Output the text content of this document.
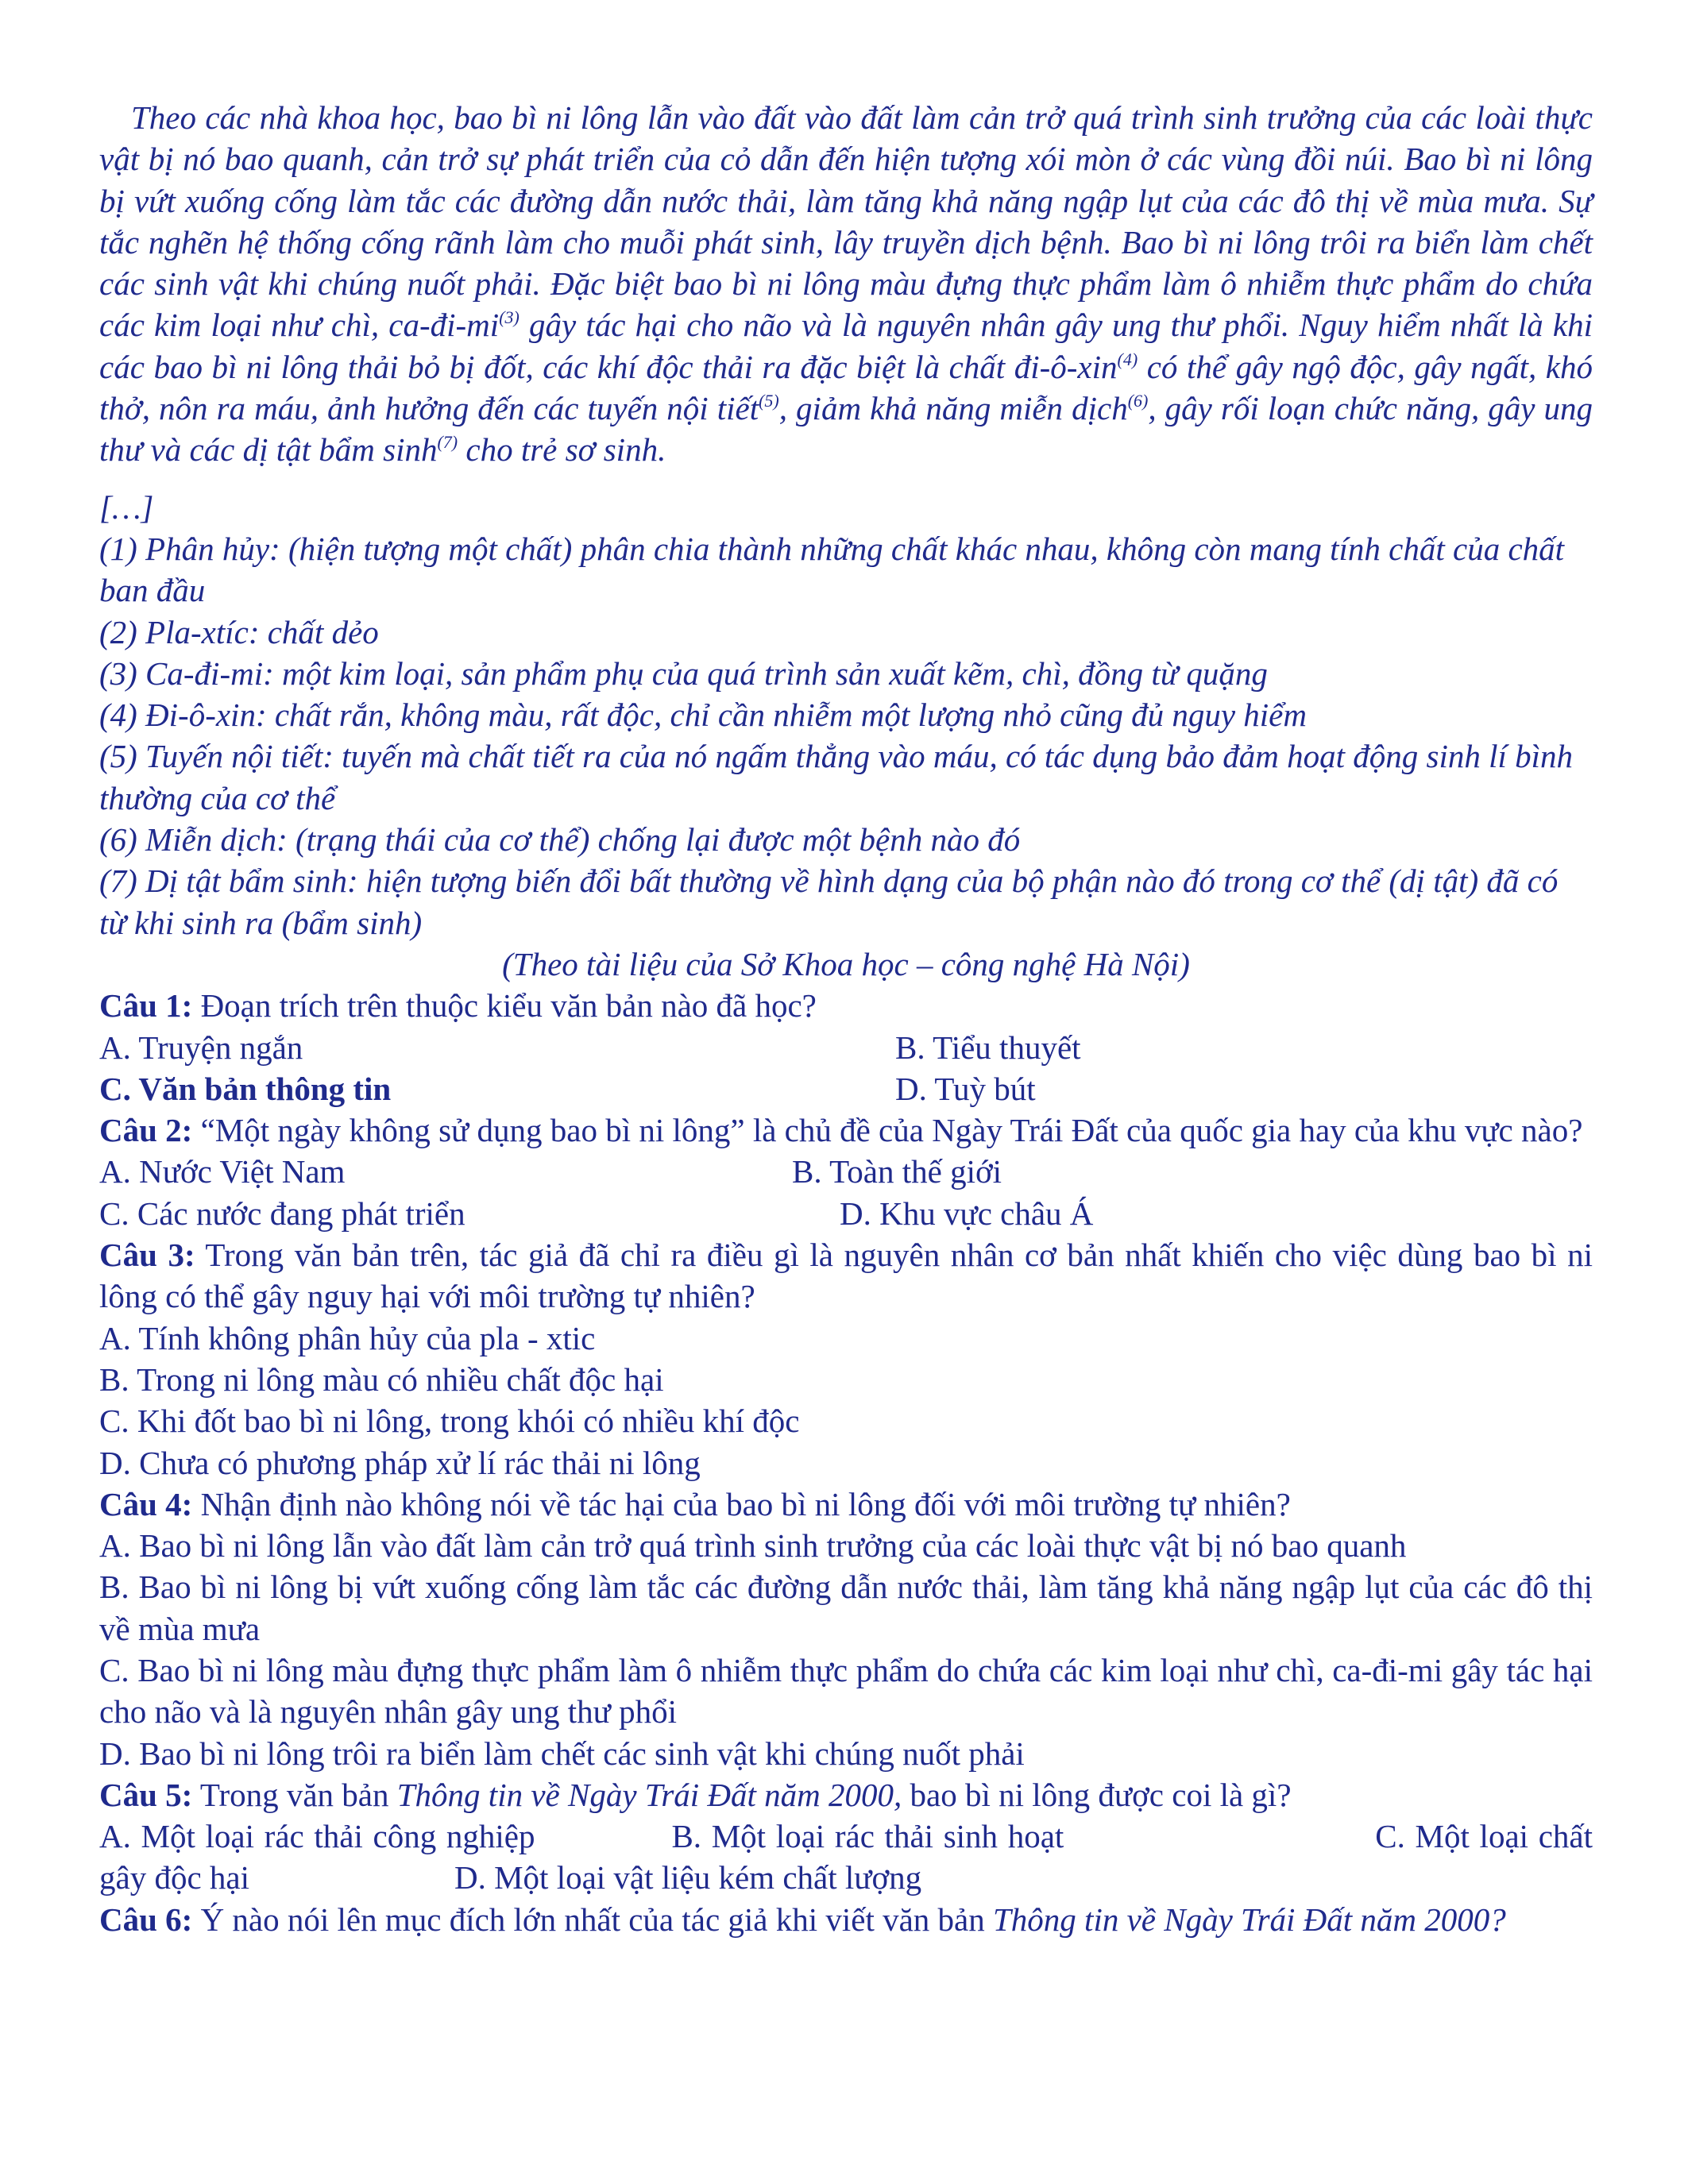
Theo các nhà khoa học, bao bì ni lông lẫn vào đất vào đất làm cản trở quá trình sinh trưởng của các loài thực vật bị nó bao quanh, cản trở sự phát triển của cỏ dẫn đến hiện tượng xói mòn ở các vùng đồi núi. Bao bì ni lông bị vứt xuống cống làm tắc các đường dẫn nước thải, làm tăng khả năng ngập lụt của các đô thị về mùa mưa. Sự tắc nghẽn hệ thống cống rãnh làm cho muỗi phát sinh, lây truyền dịch bệnh. Bao bì ni lông trôi ra biển làm chết các sinh vật khi chúng nuốt phải. Đặc biệt bao bì ni lông màu đựng thực phẩm làm ô nhiễm thực phẩm do chứa các kim loại như chì, $ca-đi-mi^{(3)}$ gây tác hại cho não và là nguyên nhân gây ung thư phổi. Nguy hiểm nhất là khi các bao bì ni lông thải bỏ bị đốt, các khí độc thải ra đặc biệt là chất đi-ô-xin$^{(4)}$ có thể gây ngộ độc, gây ngất, khó thở, nôn ra máu, ảnh hưởng đến các tuyến nội tiết$^{(5)}$, giảm khả năng miễn dịch$^{(6)}$, gây rối loạn chức năng, gây ung thư và các dị tật bẩm $\sinh^{(7)}$ cho trẻ sơ sinh.

[…]

(1) Phân hủy: (hiện tượng một chất) phân chia thành những chất khác nhau, không còn mang tính chất của chất ban đầu

(2) Pla-xtíc: chất dẻo

(3) Ca-đi-mi: một kim loại, sản phẩm phụ của quá trình sản xuất kẽm, chì, đồng từ quặng

(4) Đi-ô-xin: chất rắn, không màu, rất độc, chỉ cần nhiễm một lượng nhỏ cũng đủ nguy hiểm

(5) Tuyến nội tiết: tuyến mà chất tiết ra của nó ngấm thẳng vào máu, có tác dụng bảo đảm hoạt động sinh lí bình thường của cơ thể

(6) Miễn dịch: (trạng thái của cơ thể) chống lại được một bệnh nào đó

(7) Dị tật bẩm sinh: hiện tượng biến đổi bất thường về hình dạng của bộ phận nào đó trong cơ thể (dị tật) đã có từ khi sinh ra (bẩm sinh)

(Theo tài liệu của Sở Khoa học – công nghệ Hà Nội)

Câu 1: Đoạn trích trên thuộc kiểu văn bản nào đã học?

A. Truyện ngắn	B. Tiểu thuyết
C. Văn bản thông tin	D. Tuỳ bút

Câu 2: “Một ngày không sử dụng bao bì ni lông” là chủ đề của Ngày Trái Đất của quốc gia hay của khu vực nào?

A. Nước Việt Nam	B. Toàn thế giới
C. Các nước đang phát triển	D. Khu vực châu Á

Câu 3: Trong văn bản trên, tác giả đã chỉ ra điều gì là nguyên nhân cơ bản nhất khiến cho việc dùng bao bì ni lông có thể gây nguy hại với môi trường tự nhiên?

A. Tính không phân hủy của pla - xtic

B. Trong ni lông màu có nhiều chất độc hại

C. Khi đốt bao bì ni lông, trong khói có nhiều khí độc

D. Chưa có phương pháp xử lí rác thải ni lông

Câu 4: Nhận định nào không nói về tác hại của bao bì ni lông đối với môi trường tự nhiên?

A. Bao bì ni lông lẫn vào đất làm cản trở quá trình sinh trưởng của các loài thực vật bị nó bao quanh

B. Bao bì ni lông bị vứt xuống cống làm tắc các đường dẫn nước thải, làm tăng khả năng ngập lụt của các đô thị về mùa mưa

C. Bao bì ni lông màu đựng thực phẩm làm ô nhiễm thực phẩm do chứa các kim loại như chì, ca-đi-mi gây tác hại cho não và là nguyên nhân gây ung thư phổi

D. Bao bì ni lông trôi ra biển làm chết các sinh vật khi chúng nuốt phải

Câu 5: Trong văn bản Thông tin về Ngày Trái Đất năm 2000, bao bì ni lông được coi là gì?

A. Một loại rác thải công nghiệp	B. Một loại rác thải sinh hoạt	C. Một loại chất gây độc hại	D. Một loại vật liệu kém chất lượng

Câu 6: Ý nào nói lên mục đích lớn nhất của tác giả khi viết văn bản Thông tin về Ngày Trái Đất năm 2000?
